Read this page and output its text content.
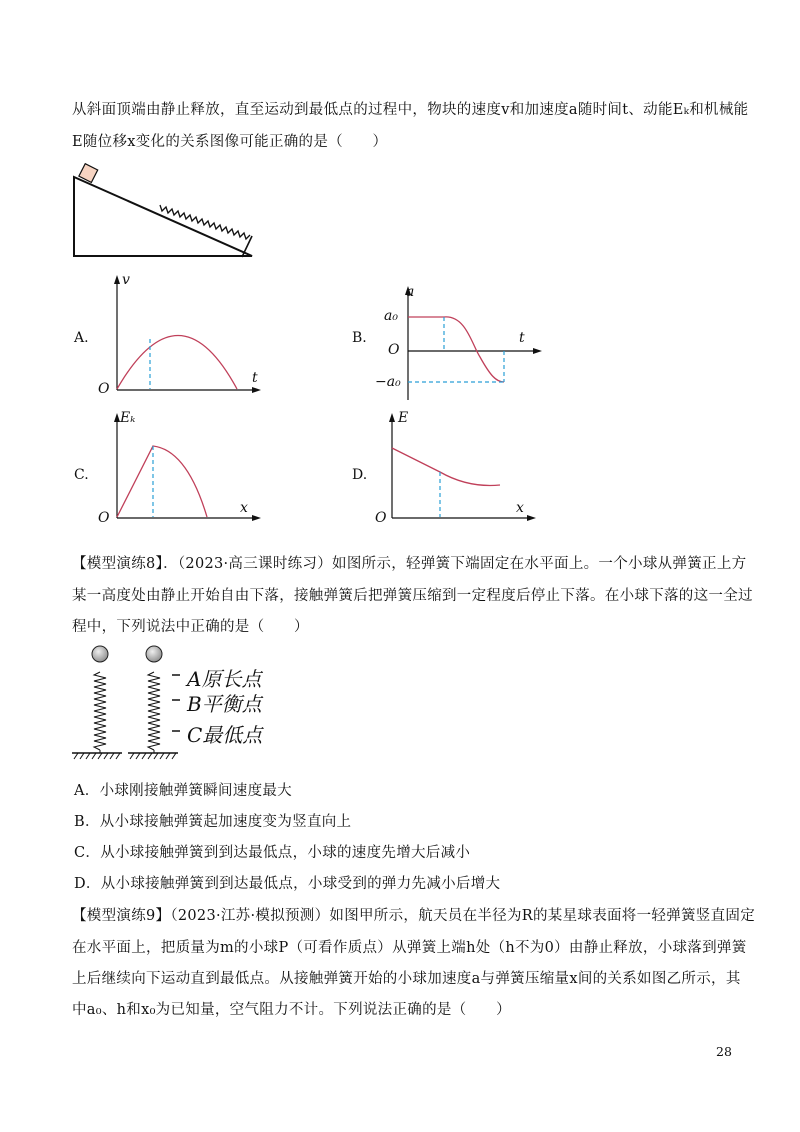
从斜面顶端由静止释放，直至运动到最低点的过程中，物块的速度v和加速度a随时间t、动能Eₖ和机械能
E随位移x变化的关系图像可能正确的是（　　）
A.
v
t
O
B.
a
a₀
O
t
−a₀
C.
Eₖ
x
O
D.
E
x
O
【模型演练8】．（2023·高三课时练习）如图所示，轻弹簧下端固定在水平面上。一个小球从弹簧正上方
某一高度处由静止开始自由下落，接触弹簧后把弹簧压缩到一定程度后停止下落。在小球下落的这一全过
程中，下列说法中正确的是（　　）
A原长点
B平衡点
C最低点
A．小球刚接触弹簧瞬间速度最大
B．从小球接触弹簧起加速度变为竖直向上
C．从小球接触弹簧到到达最低点，小球的速度先增大后减小
D．从小球接触弹簧到到达最低点，小球受到的弹力先减小后增大
【模型演练9】（2023·江苏·模拟预测）如图甲所示，航天员在半径为R的某星球表面将一轻弹簧竖直固定
在水平面上，把质量为m的小球P（可看作质点）从弹簧上端h处（h不为0）由静止释放，小球落到弹簧
上后继续向下运动直到最低点。从接触弹簧开始的小球加速度a与弹簧压缩量x间的关系如图乙所示，其
中a₀、h和x₀为已知量，空气阻力不计。下列说法正确的是（　　）
28
